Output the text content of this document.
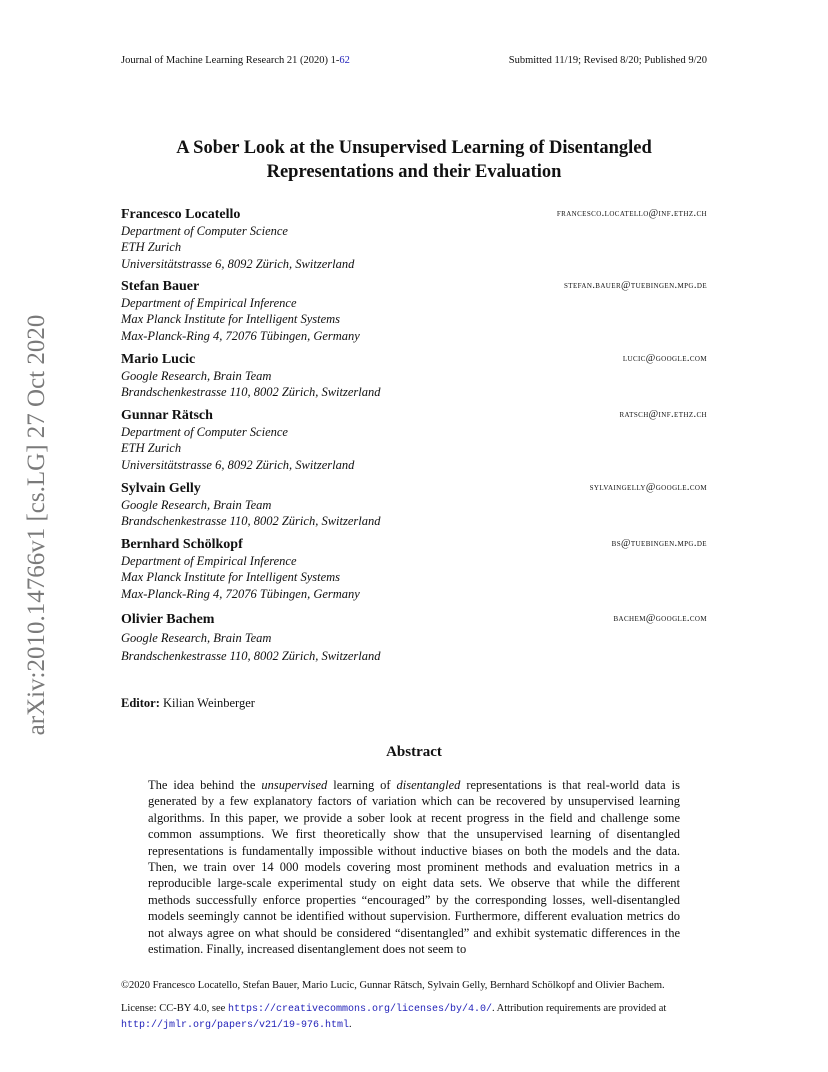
Journal of Machine Learning Research 21 (2020) 1-62	Submitted 11/19; Revised 8/20; Published 9/20
arXiv:2010.14766v1 [cs.LG] 27 Oct 2020
A Sober Look at the Unsupervised Learning of Disentangled
Representations and their Evaluation
Francesco Locatello	francesco.locatello@inf.ethz.ch
Department of Computer Science
ETH Zurich
Universitätstrasse 6, 8092 Zürich, Switzerland
Stefan Bauer	stefan.bauer@tuebingen.mpg.de
Department of Empirical Inference
Max Planck Institute for Intelligent Systems
Max-Planck-Ring 4, 72076 Tübingen, Germany
Mario Lucic	lucic@google.com
Google Research, Brain Team
Brandschenkestrasse 110, 8002 Zürich, Switzerland
Gunnar Rätsch	ratsch@inf.ethz.ch
Department of Computer Science
ETH Zurich
Universitätstrasse 6, 8092 Zürich, Switzerland
Sylvain Gelly	sylvaingelly@google.com
Google Research, Brain Team
Brandschenkestrasse 110, 8002 Zürich, Switzerland
Bernhard Schölkopf	bs@tuebingen.mpg.de
Department of Empirical Inference
Max Planck Institute for Intelligent Systems
Max-Planck-Ring 4, 72076 Tübingen, Germany
Olivier Bachem	bachem@google.com
Google Research, Brain Team
Brandschenkestrasse 110, 8002 Zürich, Switzerland
Editor: Kilian Weinberger
Abstract
The idea behind the unsupervised learning of disentangled representations is that real-world data is generated by a few explanatory factors of variation which can be recovered by unsupervised learning algorithms. In this paper, we provide a sober look at recent progress in the field and challenge some common assumptions. We first theoretically show that the unsupervised learning of disentangled representations is fundamentally impossible without inductive biases on both the models and the data. Then, we train over 14 000 models covering most prominent methods and evaluation metrics in a reproducible large-scale experimental study on eight data sets. We observe that while the different methods successfully enforce properties “encouraged” by the corresponding losses, well-disentangled models seemingly cannot be identified without supervision. Furthermore, different evaluation metrics do not always agree on what should be considered “disentangled” and exhibit systematic differences in the estimation. Finally, increased disentanglement does not seem to
©2020 Francesco Locatello, Stefan Bauer, Mario Lucic, Gunnar Rätsch, Sylvain Gelly, Bernhard Schölkopf and Olivier Bachem.
License: CC-BY 4.0, see https://creativecommons.org/licenses/by/4.0/. Attribution requirements are provided at
http://jmlr.org/papers/v21/19-976.html.
